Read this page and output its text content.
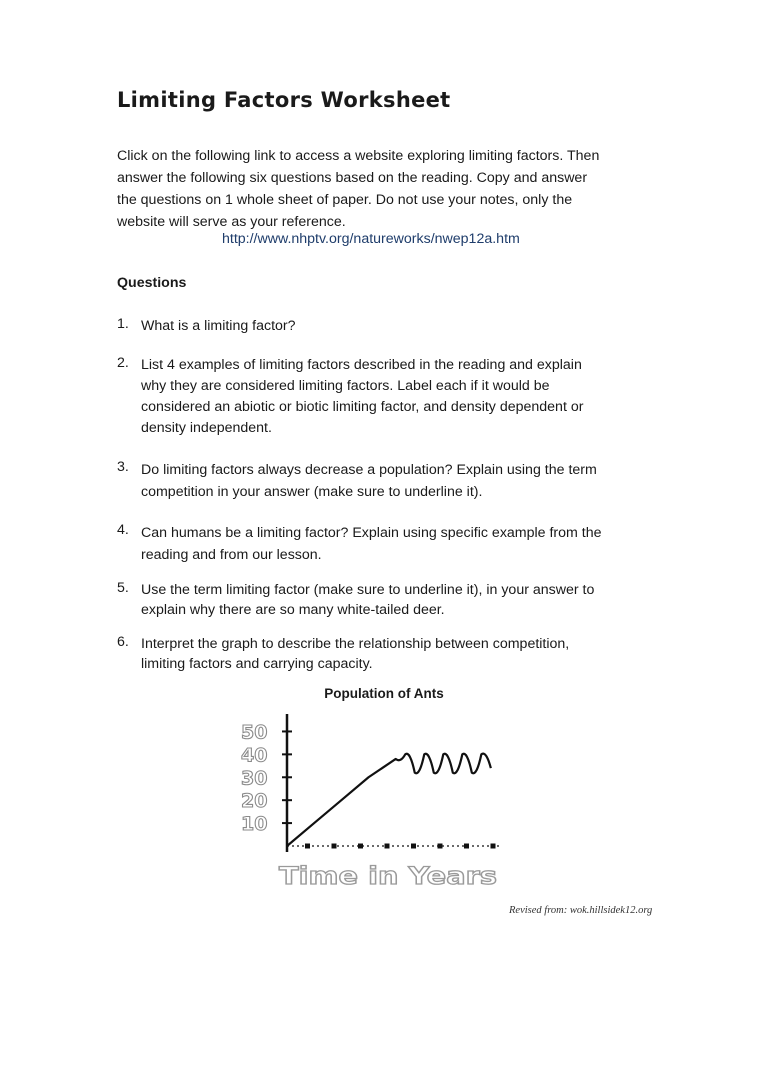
Limiting Factors Worksheet
Click on the following link to access a website exploring limiting factors. Then
answer the following six questions based on the reading. Copy and answer
the questions on 1 whole sheet of paper. Do not use your notes, only the
website will serve as your reference.
http://www.nhptv.org/natureworks/nwep12a.htm
Questions
1. What is a limiting factor?
2. List 4 examples of limiting factors described in the reading and explain
why they are considered limiting factors. Label each if it would be
considered an abiotic or biotic limiting factor, and density dependent or
density independent.
3. Do limiting factors always decrease a population? Explain using the term
competition in your answer (make sure to underline it).
4. Can humans be a limiting factor? Explain using specific example from the
reading and from our lesson.
5. Use the term limiting factor (make sure to underline it), in your answer to
explain why there are so many white-tailed deer.
6. Interpret the graph to describe the relationship between competition,
limiting factors and carrying capacity.
Population of Ants
10
20
30
40
50
Time in Years
Revised from: wok.hillsidek12.org
